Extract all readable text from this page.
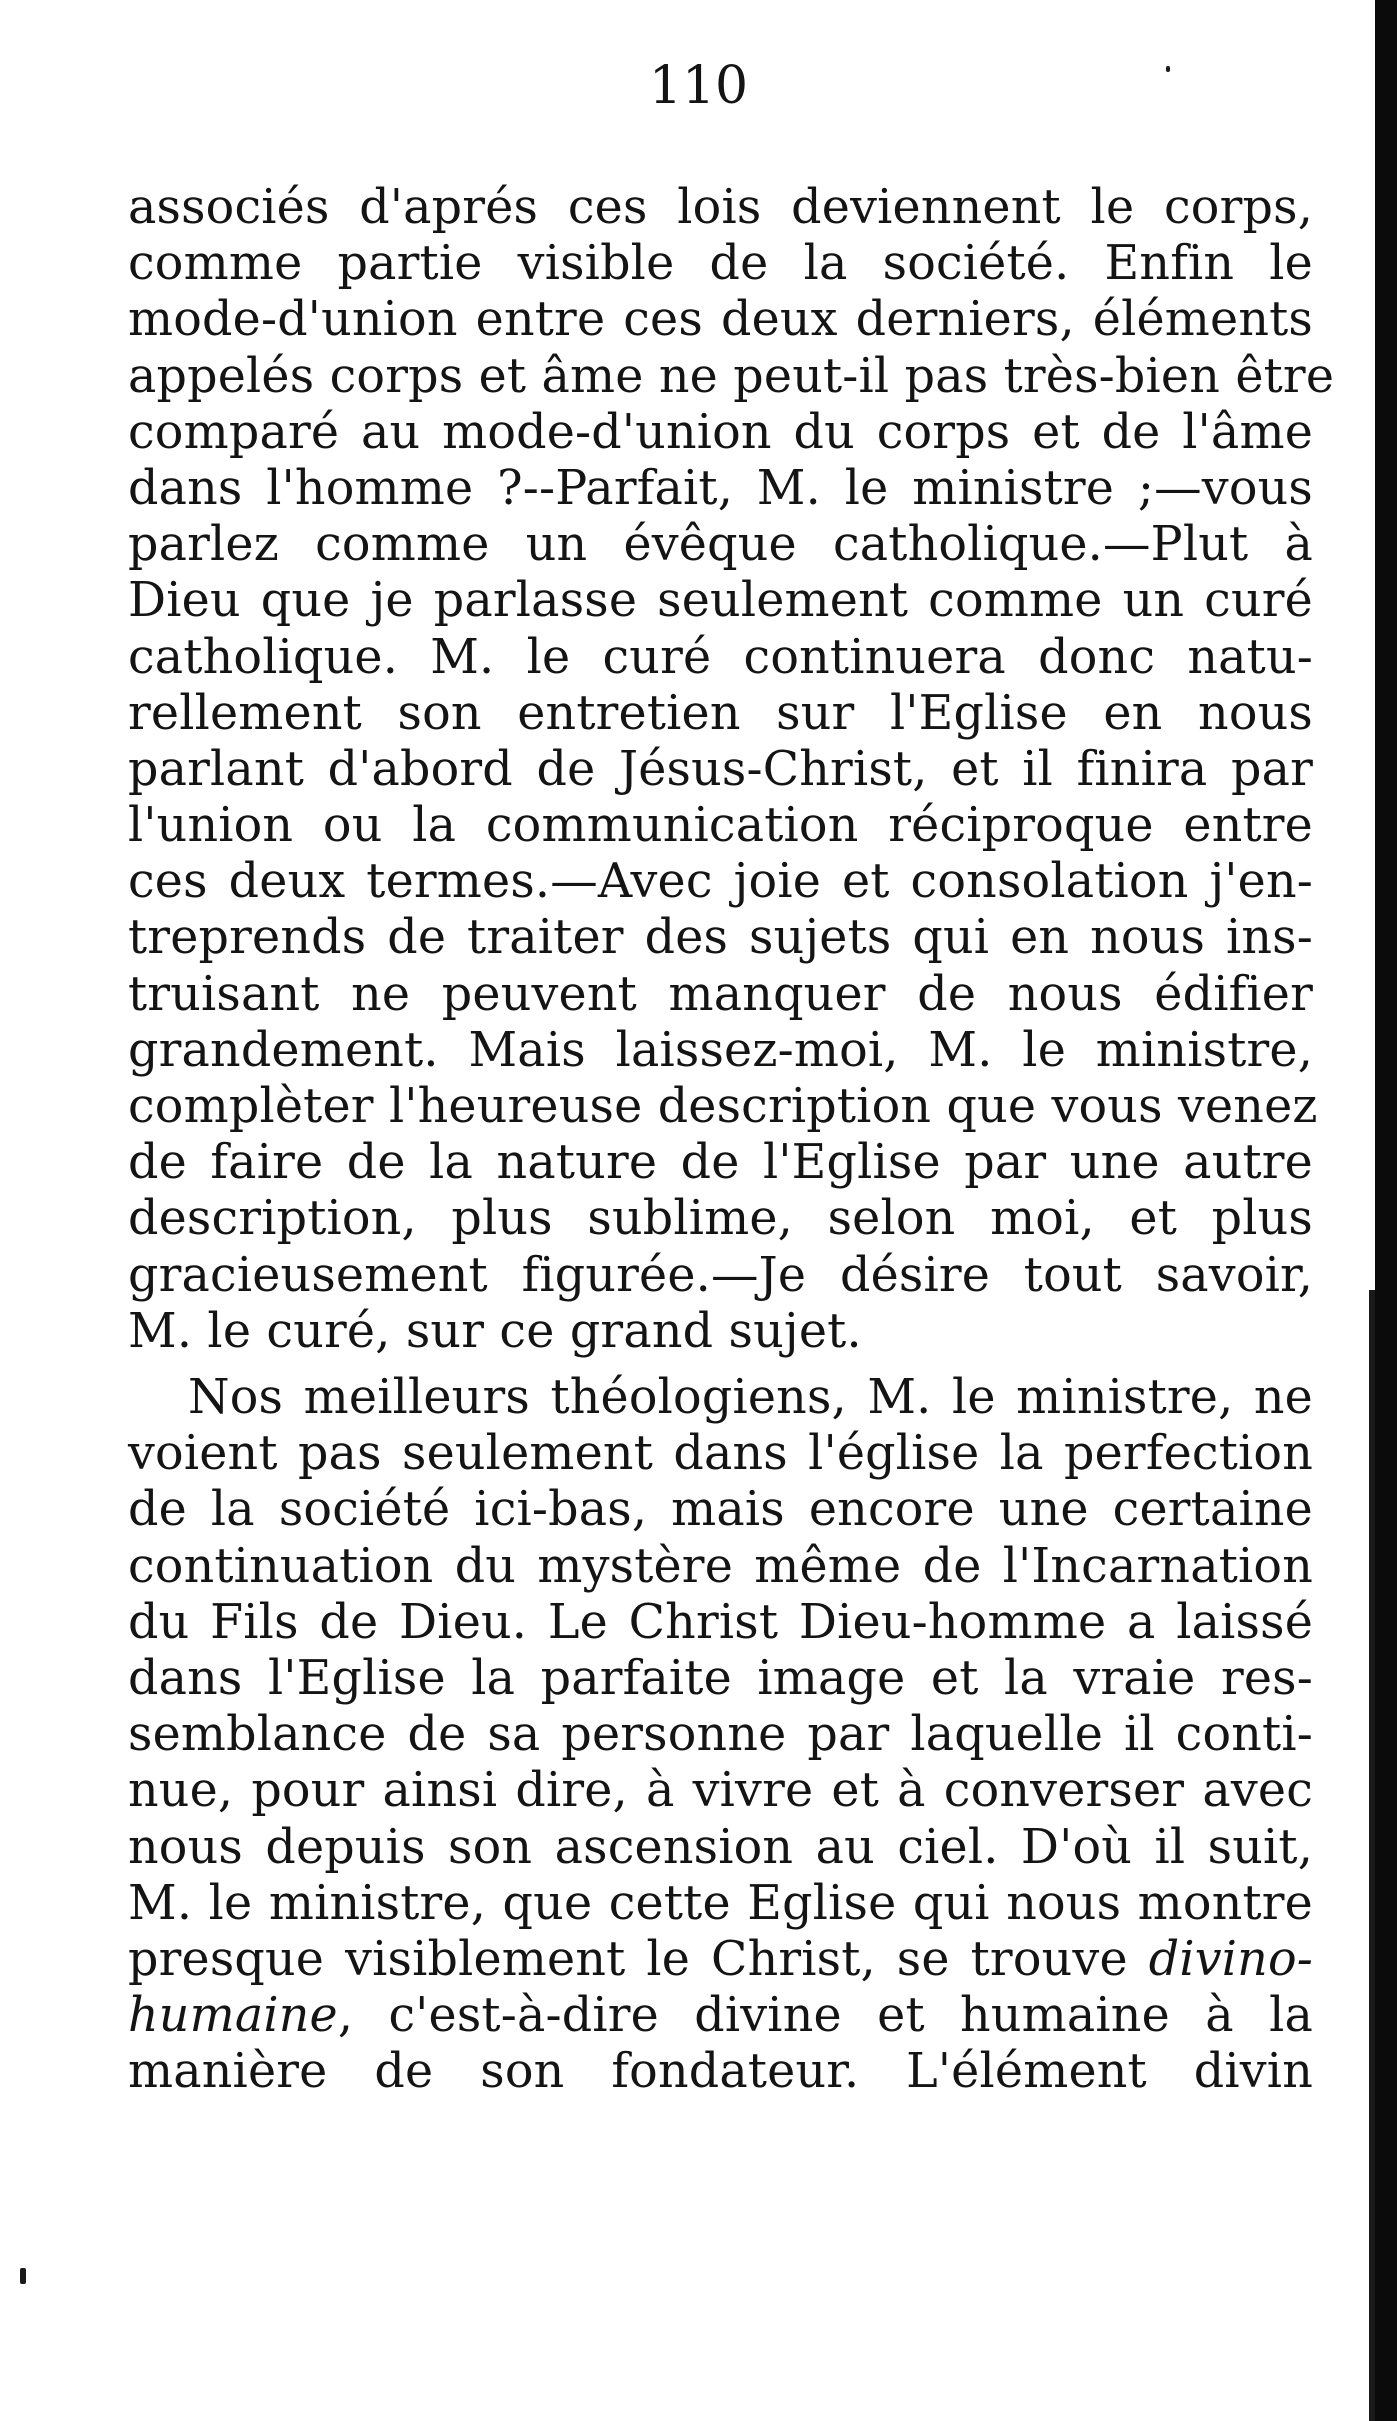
110
associés d'aprés ces lois deviennent le corps,
comme partie visible de la société. Enfin le
mode-d'union entre ces deux derniers, éléments
appelés corps et âme ne peut-il pas très-bien être
comparé au mode-d'union du corps et de l'âme
dans l'homme ?--Parfait, M. le ministre ;—vous
parlez comme un évêque catholique.—Plut à
Dieu que je parlasse seulement comme un curé
catholique. M. le curé continuera donc natu-
rellement son entretien sur l'Eglise en nous
parlant d'abord de Jésus-Christ, et il finira par
l'union ou la communication réciproque entre
ces deux termes.—Avec joie et consolation j'en-
treprends de traiter des sujets qui en nous ins-
truisant ne peuvent manquer de nous édifier
grandement. Mais laissez-moi, M. le ministre,
complèter l'heureuse description que vous venez
de faire de la nature de l'Eglise par une autre
description, plus sublime, selon moi, et plus
gracieusement figurée.—Je désire tout savoir,
M. le curé, sur ce grand sujet.
Nos meilleurs théologiens, M. le ministre, ne
voient pas seulement dans l'église la perfection
de la société ici-bas, mais encore une certaine
continuation du mystère même de l'Incarnation
du Fils de Dieu. Le Christ Dieu-homme a laissé
dans l'Eglise la parfaite image et la vraie res-
semblance de sa personne par laquelle il conti-
nue, pour ainsi dire, à vivre et à converser avec
nous depuis son ascension au ciel. D'où il suit,
M. le ministre, que cette Eglise qui nous montre
presque visiblement le Christ, se trouve divino-
humaine, c'est-à-dire divine et humaine à la
manière de son fondateur. L'élément divin
